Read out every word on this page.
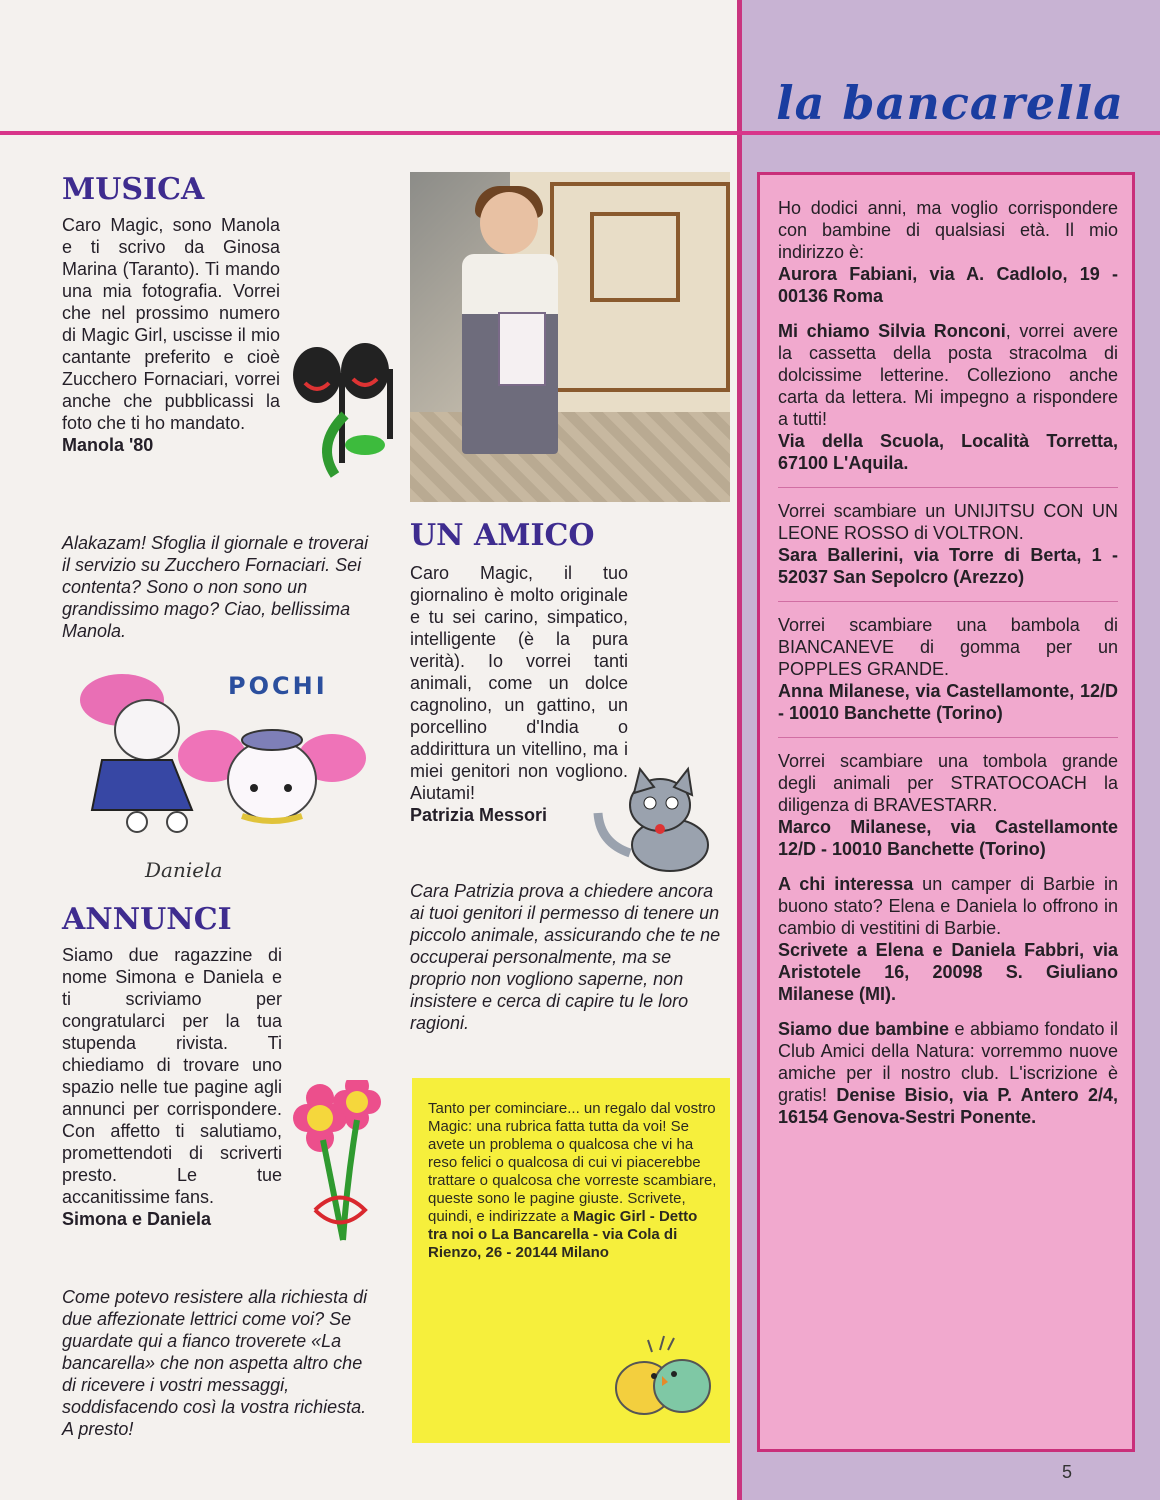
la bancarella
MUSICA

Caro Magic, sono Manola e ti scrivo da Ginosa Marina (Taranto). Ti mando una mia fotografia. Vorrei che nel prossimo numero di Magic Girl, uscisse il mio cantante preferito e cioè Zucchero Fornaciari, vorrei anche che pubblicassi la foto che ti ho mandato.

Manola '80
Alakazam! Sfoglia il giornale e troverai il servizio su Zucchero Fornaciari. Sei contenta? Sono o non sono un grandissimo mago? Ciao, bellissima Manola.
POCHI
Daniela
ANNUNCI

Siamo due ragazzine di nome Simona e Daniela e ti scriviamo per congratularci per la tua stupenda rivista. Ti chiediamo di trovare uno spazio nelle tue pagine agli annunci per corrispondere. Con affetto ti salutiamo, promettendoti di scriverti presto. Le tue accanitissime fans.

Simona e Daniela
Come potevo resistere alla richiesta di due affezionate lettrici come voi? Se guardate qui a fianco troverete «La bancarella» che non aspetta altro che di ricevere i vostri messaggi, soddisfacendo così la vostra richiesta. A presto!
UN AMICO

Caro Magic, il tuo giornalino è molto originale e tu sei carino, simpatico, intelligente (è la pura verità). Io vorrei tanti animali, come un dolce cagnolino, un gattino, un porcellino d'India o addirittura un vitellino, ma i miei genitori non vogliono. Aiutami!

Patrizia Messori
Cara Patrizia prova a chiedere ancora ai tuoi genitori il permesso di tenere un piccolo animale, assicurando che te ne occuperai personalmente, ma se proprio non vogliono saperne, non insistere e cerca di capire tu le loro ragioni.
Tanto per cominciare... un regalo dal vostro Magic: una rubrica fatta tutta da voi! Se avete un problema o qualcosa che vi ha reso felici o qualcosa di cui vi piacerebbe trattare o qualcosa che vorreste scambiare, queste sono le pagine giuste. Scrivete, quindi, e indirizzate a Magic Girl - Detto tra noi o La Bancarella - via Cola di Rienzo, 26 - 20144 Milano

Ho dodici anni, ma voglio corrispondere con bambine di qualsiasi età. Il mio indirizzo è:
Aurora Fabiani, via A. Cadlolo, 19 - 00136 Roma

Mi chiamo Silvia Ronconi, vorrei avere la cassetta della posta stracolma di dolcissime letterine. Colleziono anche carta da lettera. Mi impegno a rispondere a tutti!
Via della Scuola, Località Torretta, 67100 L'Aquila.

Vorrei scambiare un UNIJITSU CON UN LEONE ROSSO di VOLTRON.
Sara Ballerini, via Torre di Berta, 1 - 52037 San Sepolcro (Arezzo)

Vorrei scambiare una bambola di BIANCANEVE di gomma per un POPPLES GRANDE.
Anna Milanese, via Castellamonte, 12/D - 10010 Banchette (Torino)

Vorrei scambiare una tombola grande degli animali per STRATOCOACH la diligenza di BRAVESTARR.
Marco Milanese, via Castellamonte 12/D - 10010 Banchette (Torino)

A chi interessa un camper di Barbie in buono stato? Elena e Daniela lo offrono in cambio di vestitini di Barbie.
Scrivete a Elena e Daniela Fabbri, via Aristotele 16, 20098 S. Giuliano Milanese (MI).

Siamo due bambine e abbiamo fondato il Club Amici della Natura: vorremmo nuove amiche per il nostro club. L'iscrizione è gratis! Denise Bisio, via P. Antero 2/4, 16154 Genova-Sestri Ponente.

5
